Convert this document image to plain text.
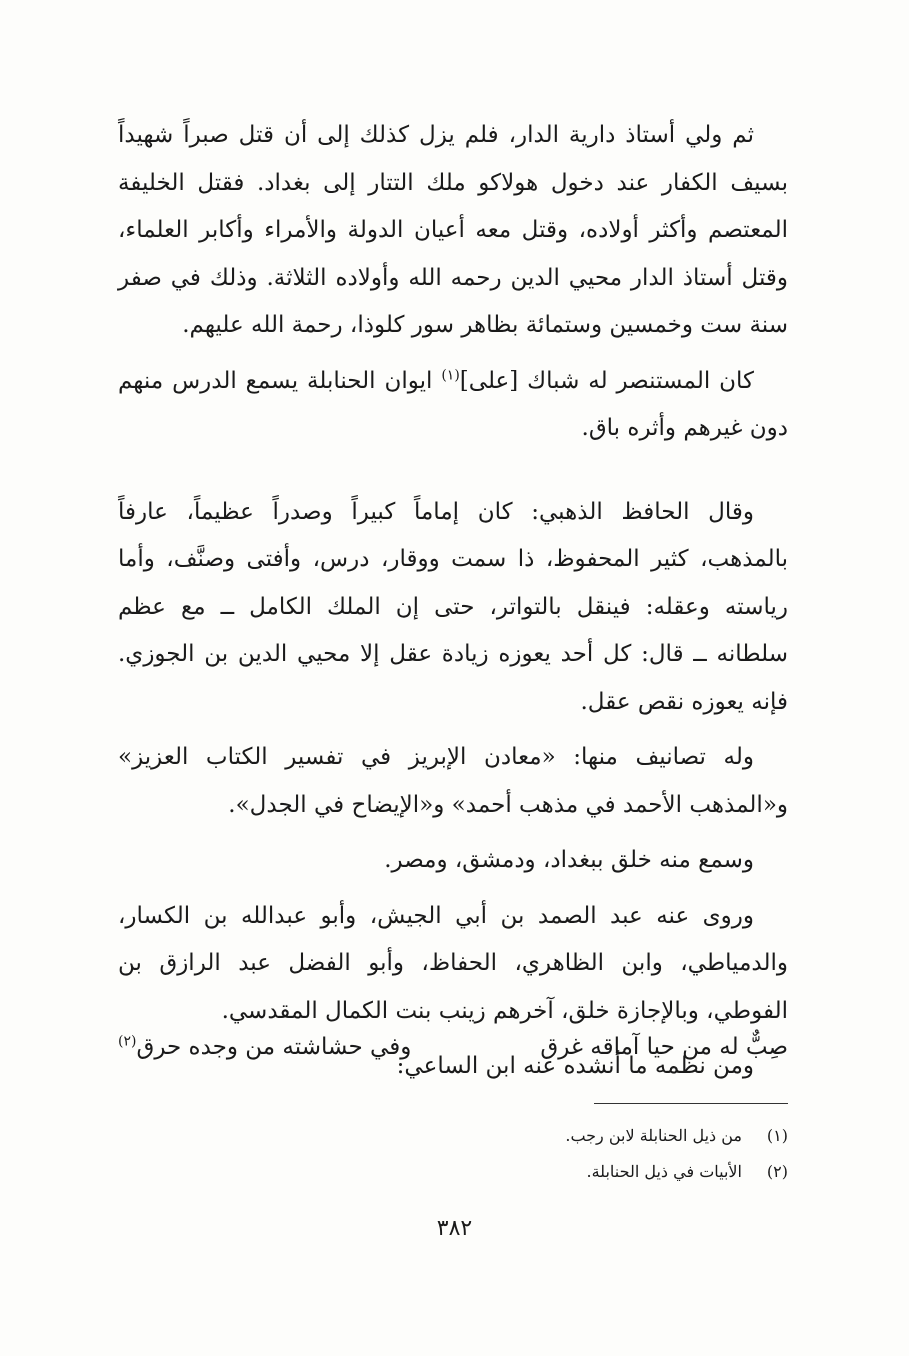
ثم ولي أستاذ دارية الدار، فلم يزل كذلك إلى أن قتل صبراً شهيداً بسيف الكفار عند دخول هولاكو ملك التتار إلى بغداد. فقتل الخليفة المعتصم وأكثر أولاده، وقتل معه أعيان الدولة والأمراء وأكابر العلماء، وقتل أستاذ الدار محيي الدين رحمه الله وأولاده الثلاثة. وذلك في صفر سنة ست وخمسين وستمائة بظاهر سور كلوذا، رحمة الله عليهم.

كان المستنصر له شباك [على]$^{(١)}$ ايوان الحنابلة يسمع الدرس منهم دون غيرهم وأثره باق.

وقال الحافظ الذهبي: كان إماماً كبيراً وصدراً عظيماً، عارفاً بالمذهب، كثير المحفوظ، ذا سمت ووقار، درس، وأفتى وصنَّف، وأما رياسته وعقله: فينقل بالتواتر، حتى إن الملك الكامل ــ مع عظم سلطانه ــ قال: كل أحد يعوزه زيادة عقل إلا محيي الدين بن الجوزي. فإنه يعوزه نقص عقل.

وله تصانيف منها: «معادن الإبريز في تفسير الكتاب العزيز» و«المذهب الأحمد في مذهب أحمد» و«الإيضاح في الجدل».

وسمع منه خلق ببغداد، ودمشق، ومصر.

وروى عنه عبد الصمد بن أبي الجيش، وأبو عبدالله بن الكسار، والدمياطي، وابن الظاهري، الحفاظ، وأبو الفضل عبد الرازق بن الفوطي، وبالإجازة خلق، آخرهم زينب بنت الكمال المقدسي.

ومن نظمه ما أنشده عنه ابن الساعي:

صِبٌّ له من حيا آماقه غرق
وفي حشاشته من وجده حرق$^{(٢)}$

(١)من ذيل الحنابلة لابن رجب.

(٢)الأبيات في ذيل الحنابلة.

٣٨٢
